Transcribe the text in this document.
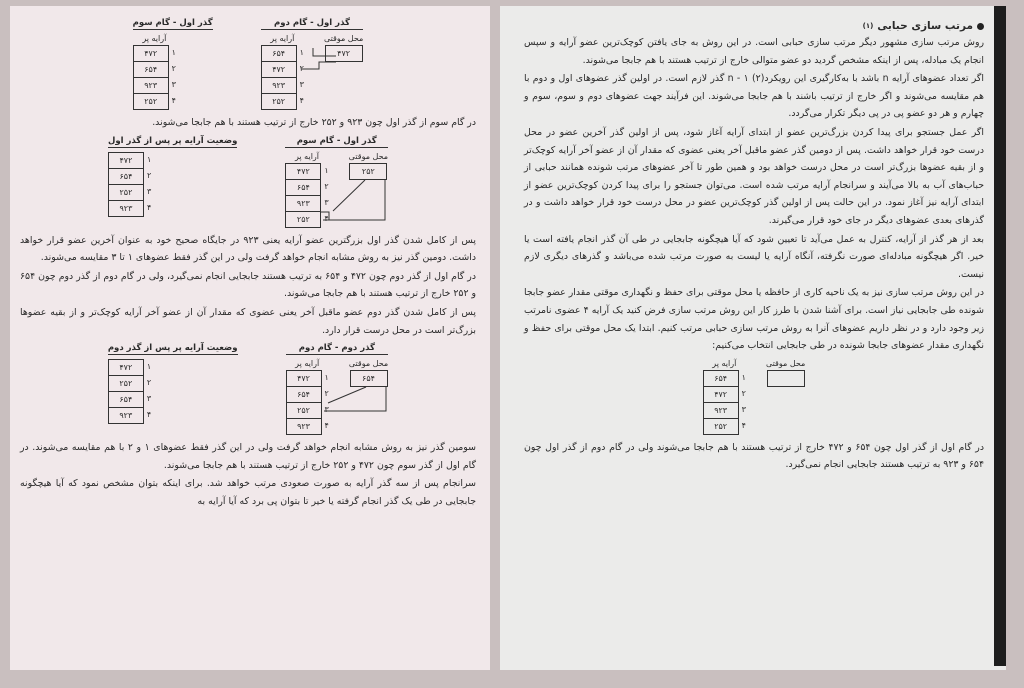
گذر اول - گام دوم
آرایه پر
۶۵۴
۴۷۲
۹۲۳
۲۵۲
۱
۲
۳
۴
محل موقتی
۴۷۲
گذر اول - گام سوم
آرایه پر
۴۷۲
۶۵۴
۹۲۳
۲۵۲
۱
۲
۳
۴

در گام سوم از گذر اول چون ۹۲۳ و ۲۵۲ خارج از ترتیب هستند با هم جابجا می‌شوند.

گذر اول - گام سوم
آرایه پر
۴۷۲
۶۵۴
۹۲۳
۲۵۲
۱
۲
۳
۴
محل موقتی
۲۵۲
وضعیت آرایه پر پس از گذر اول
۴۷۲
۶۵۴
۲۵۲
۹۲۳
۱
۲
۳
۴

پس از کامل شدن گذر اول بزرگترین عضو آرایه یعنی ۹۲۳ در جایگاه صحیح خود به عنوان آخرین عضو قرار خواهد داشت. دومین گذر نیز به روش مشابه انجام خواهد گرفت ولی در این گذر فقط عضوهای ۱ تا ۳ مقایسه می‌شوند.

در گام اول از گذر دوم چون ۴۷۲ و ۶۵۴ به ترتیب هستند جابجایی انجام نمی‌گیرد، ولی در گام دوم از گذر دوم چون ۶۵۴ و ۲۵۲ خارج از ترتیب هستند با هم جابجا می‌شوند.

پس از کامل شدن گذر دوم عضو ماقبل آخر یعنی عضوی که مقدار آن از عضو آخر آرایه کوچک‌تر و از بقیه عضوها بزرگ‌تر است در محل درست قرار دارد.

گذر دوم - گام دوم
آرایه پر
۴۷۲
۶۵۴
۲۵۲
۹۲۳
۱
۲
۳
۴
محل موقتی
۶۵۴
وضعیت آرایه پر پس از گذر دوم
۴۷۲
۲۵۲
۶۵۴
۹۲۳
۱
۲
۳
۴

سومین گذر نیز به روش مشابه انجام خواهد گرفت ولی در این گذر فقط عضوهای ۱ و ۲ با هم مقایسه می‌شوند. در گام اول از گذر سوم چون ۴۷۲ و ۲۵۲ خارج از ترتیب هستند با هم جابجا می‌شوند.

سرانجام پس از سه گذر آرایه به صورت صعودی مرتب خواهد شد. برای اینکه بتوان مشخص نمود که آیا هیچگونه جابجایی در طی یک گذر انجام گرفته یا خیر تا بتوان پی برد که آیا آرایه به

مرتب سازی حبابی
(۱)

روش مرتب سازی مشهور دیگر مرتب سازی حبابی است. در این روش به جای یافتن کوچک‌ترین عضو آرایه و سپس انجام یک مبادله، پس از اینکه مشخص گردید دو عضو متوالی خارج از ترتیب هستند با هم جابجا می‌شوند.

اگر تعداد عضوهای آرایه n باشد با به‌کارگیری این رویکرد(۲) n - ۱ گذر لازم است. در اولین گذر عضوهای اول و دوم با هم مقایسه می‌شوند و اگر خارج از ترتیب باشند با هم جابجا می‌شوند. این فرآیند جهت عضوهای دوم و سوم، سوم و چهارم و هر دو عضو پی در پی دیگر تکرار می‌گردد.

اگر عمل جستجو برای پیدا کردن بزرگ‌ترین عضو از ابتدای آرایه آغاز شود، پس از اولین گذر آخرین عضو در محل درست خود قرار خواهد داشت. پس از دومین گذر عضو ماقبل آخر یعنی عضوی که مقدار آن از عضو آخر آرایه کوچک‌تر و از بقیه عضوها بزرگ‌تر است در محل درست خواهد بود و همین طور تا آخر عضوهای مرتب شونده همانند حبابی از حباب‌های آب به بالا می‌آیند و سرانجام آرایه مرتب شده است. می‌توان جستجو را برای پیدا کردن کوچک‌ترین عضو از ابتدای آرایه نیز آغاز نمود. در این حالت پس از اولین گذر کوچک‌ترین عضو در محل درست خود قرار خواهد داشت و در گذرهای بعدی عضوهای دیگر در جای خود قرار می‌گیرند.

بعد از هر گذر از آرایه، کنترل به عمل می‌آید تا تعیین شود که آیا هیچگونه جابجایی در طی آن گذر انجام یافته است یا خیر. اگر هیچگونه مبادله‌ای صورت نگرفته، آنگاه آرایه یا لیست به صورت مرتب شده می‌باشد و گذرهای دیگری لازم نیست.

در این روش مرتب سازی نیز به یک ناحیه کاری از حافظه یا محل موقتی برای حفظ و نگهداری موقتی مقدار عضو جابجا شونده طی جابجایی نیاز است. برای آشنا شدن با طرز کار این روش مرتب سازی فرض کنید یک آرایه ۴ عضوی نامرتب زیر وجود دارد و در نظر داریم عضوهای آنرا به روش مرتب سازی حبابی مرتب کنیم. ابتدا یک محل موقتی برای حفظ و نگهداری مقدار عضوهای جابجا شونده در طی جابجایی انتخاب می‌کنیم:

آرایه پر
۶۵۴
۴۷۲
۹۲۳
۲۵۲
۱
۲
۳
۴
محل موقتی

در گام اول از گذر اول چون ۶۵۴ و ۴۷۲ خارج از ترتیب هستند با هم جابجا می‌شوند ولی در گام دوم از گذر اول چون ۶۵۴ و ۹۲۳ به ترتیب هستند جابجایی انجام نمی‌گیرد.
